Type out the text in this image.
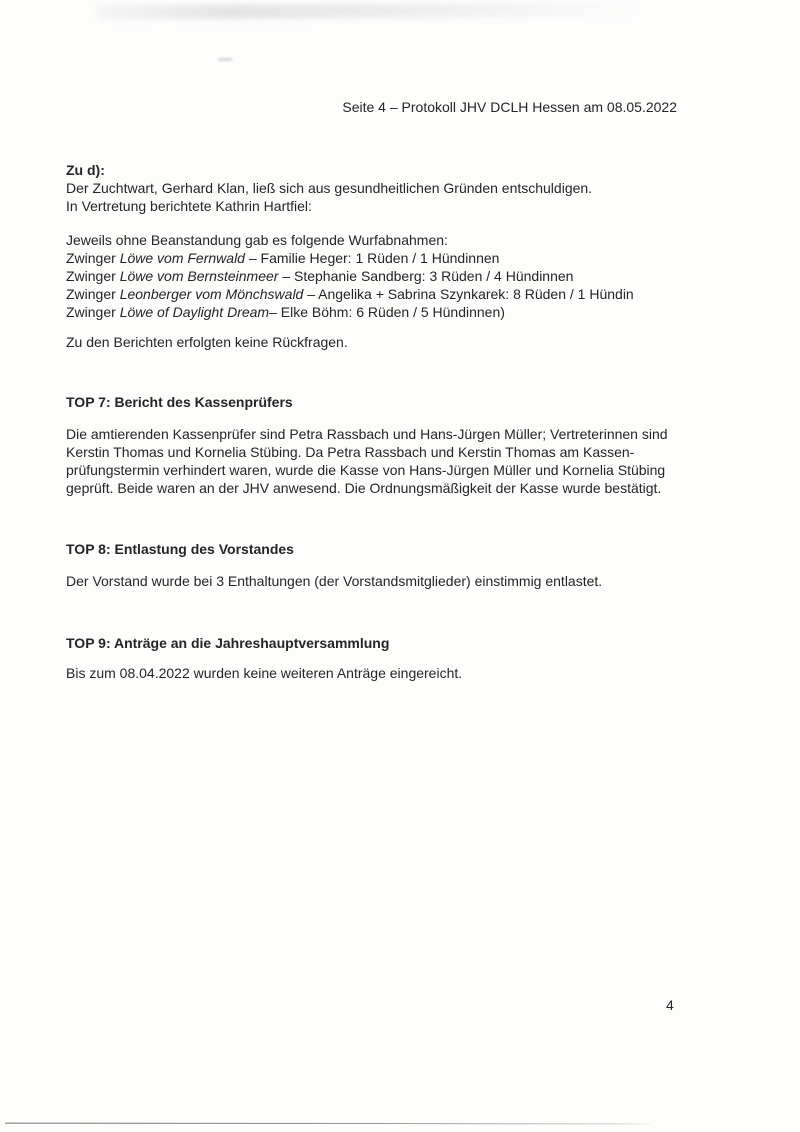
Seite 4 – Protokoll JHV DCLH Hessen am 08.05.2022
Zu d):
Der Zuchtwart, Gerhard Klan, ließ sich aus gesundheitlichen Gründen entschuldigen.
In Vertretung berichtete Kathrin Hartfiel:
Jeweils ohne Beanstandung gab es folgende Wurfabnahmen:
Zwinger Löwe vom Fernwald – Familie Heger: 1 Rüden / 1 Hündinnen
Zwinger Löwe vom Bernsteinmeer – Stephanie Sandberg: 3 Rüden / 4 Hündinnen
Zwinger Leonberger vom Mönchswald – Angelika + Sabrina Szynkarek: 8 Rüden / 1 Hündin
Zwinger Löwe of Daylight Dream– Elke Böhm: 6 Rüden / 5 Hündinnen)
Zu den Berichten erfolgten keine Rückfragen.
TOP 7: Bericht des Kassenprüfers
Die amtierenden Kassenprüfer sind Petra Rassbach und Hans-Jürgen Müller; Vertreterinnen sind
Kerstin Thomas und Kornelia Stübing. Da Petra Rassbach und Kerstin Thomas am Kassen-
prüfungstermin verhindert waren, wurde die Kasse von Hans-Jürgen Müller und Kornelia Stübing
geprüft. Beide waren an der JHV anwesend. Die Ordnungsmäßigkeit der Kasse wurde bestätigt.
TOP 8: Entlastung des Vorstandes
Der Vorstand wurde bei 3 Enthaltungen (der Vorstandsmitglieder) einstimmig entlastet.
TOP 9: Anträge an die Jahreshauptversammlung
Bis zum 08.04.2022 wurden keine weiteren Anträge eingereicht.
4
